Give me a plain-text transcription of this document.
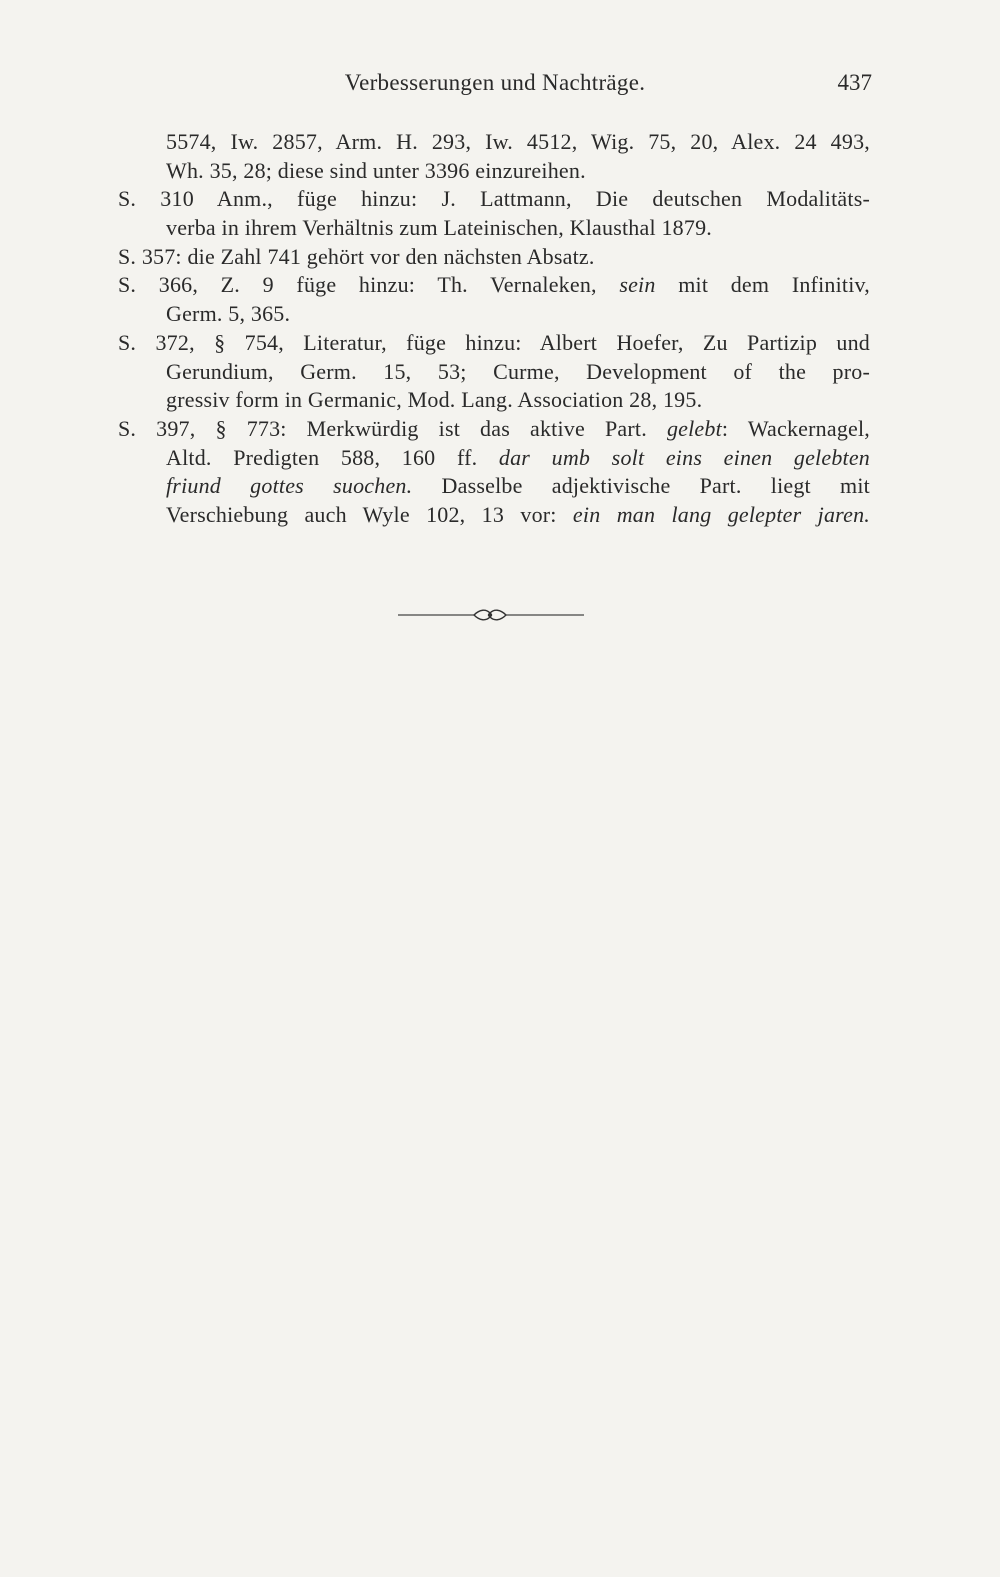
Verbesserungen und Nachträge.	437
5574, Iw. 2857, Arm. H. 293, Iw. 4512, Wig. 75, 20, Alex. 24 493,
Wh. 35, 28; diese sind unter 3396 einzureihen.
S. 310 Anm., füge hinzu: J. Lattmann, Die deutschen Modalitäts-
verba in ihrem Verhältnis zum Lateinischen, Klausthal 1879.
S. 357: die Zahl 741 gehört vor den nächsten Absatz.
S. 366, Z. 9 füge hinzu: Th. Vernaleken, sein mit dem Infinitiv,
Germ. 5, 365.
S. 372, § 754, Literatur, füge hinzu: Albert Hoefer, Zu Partizip und
Gerundium, Germ. 15, 53; Curme, Development of the pro-
gressiv form in Germanic, Mod. Lang. Association 28, 195.
S. 397, § 773: Merkwürdig ist das aktive Part. gelebt: Wackernagel,
Altd. Predigten 588, 160 ff. dar umb solt eins einen gelebten
friund gottes suochen. Dasselbe adjektivische Part. liegt mit
Verschiebung auch Wyle 102, 13 vor: ein man lang gelepter jaren.
